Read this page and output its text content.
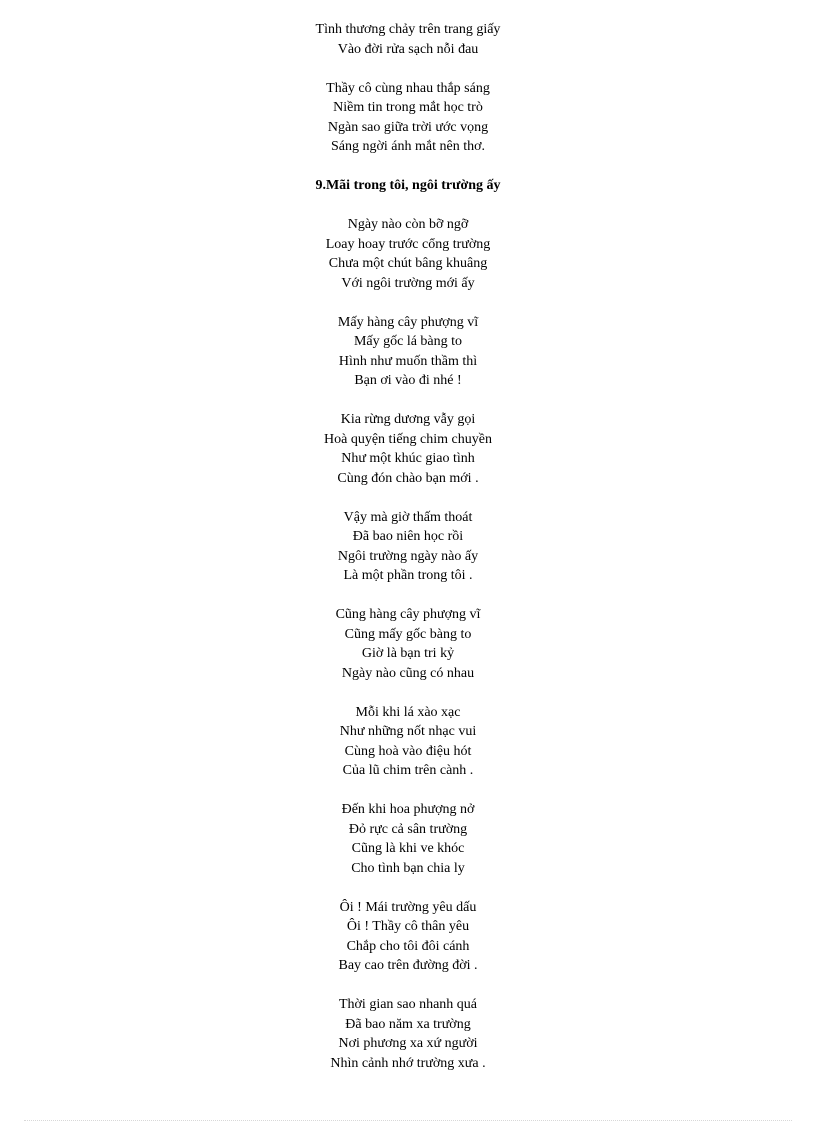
Tình thương chảy trên trang giấy
Vào đời rửa sạch nỗi đau
Thầy cô cùng nhau thắp sáng
Niềm tin trong mắt học trò
Ngàn sao giữa trời ước vọng
Sáng ngời ánh mắt nên thơ.
9.Mãi trong tôi, ngôi trường ấy
Ngày nào còn bỡ ngỡ
Loay hoay trước cổng trường
Chưa một chút bâng khuâng
Với ngôi trường mới ấy
Mấy hàng cây phượng vĩ
Mấy gốc lá bàng to
Hình như muốn thầm thì
Bạn ơi vào đi nhé !
Kia rừng dương vẫy gọi
Hoà quyện tiếng chim chuyền
Như một khúc giao tình
Cùng đón chào bạn mới .
Vậy mà giờ thấm thoát
Đã bao niên học rồi
Ngôi trường ngày nào ấy
Là một phần trong tôi .
Cũng hàng cây phượng vĩ
Cũng mấy gốc bàng to
Giờ là bạn tri kỷ
Ngày nào cũng có nhau
Mỗi khi lá xào xạc
Như những nốt nhạc vui
Cùng hoà vào điệu hót
Của lũ chim trên cành .
Đến khi hoa phượng nở
Đỏ rực cả sân trường
Cũng là khi ve khóc
Cho tình bạn chia ly
Ôi ! Mái trường yêu dấu
Ôi ! Thầy cô thân yêu
Chắp cho tôi đôi cánh
Bay cao trên đường đời .
Thời gian sao nhanh quá
Đã bao năm xa trường
Nơi phương xa xứ người
Nhìn cảnh nhớ trường xưa .
